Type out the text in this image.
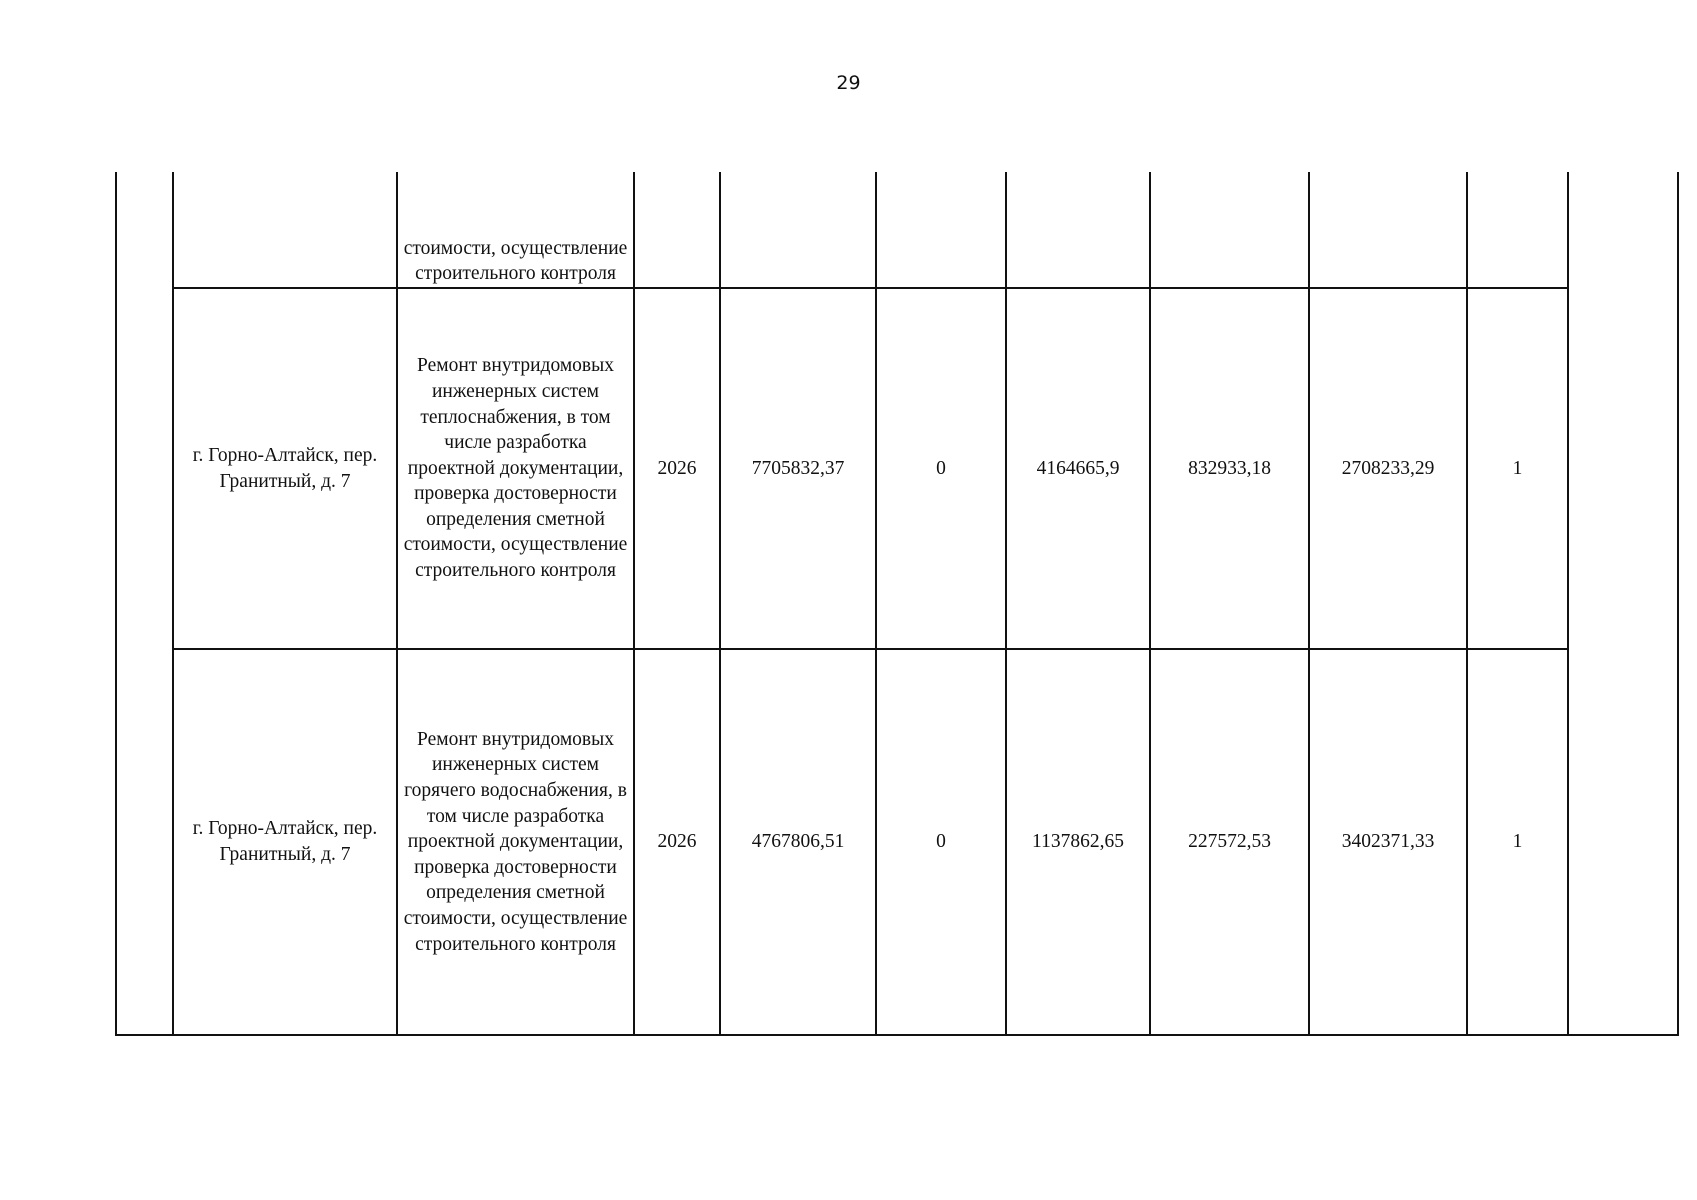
29

		стоимости, осуществление строительного контроля								

	г. Горно-Алтайск, пер. Гранитный, д. 7	Ремонт внутридомовых инженерных систем теплоснабжения, в том числе разработка проектной документации, проверка достоверности определения сметной стоимости, осуществление строительного контроля	2026	7705832,37	0	4164665,9	832933,18	2708233,29	1	
	г. Горно-Алтайск, пер. Гранитный, д. 7	Ремонт внутридомовых инженерных систем горячего водоснабжения, в том числе разработка проектной документации, проверка достоверности определения сметной стоимости, осуществление строительного контроля	2026	4767806,51	0	1137862,65	227572,53	3402371,33	1	
